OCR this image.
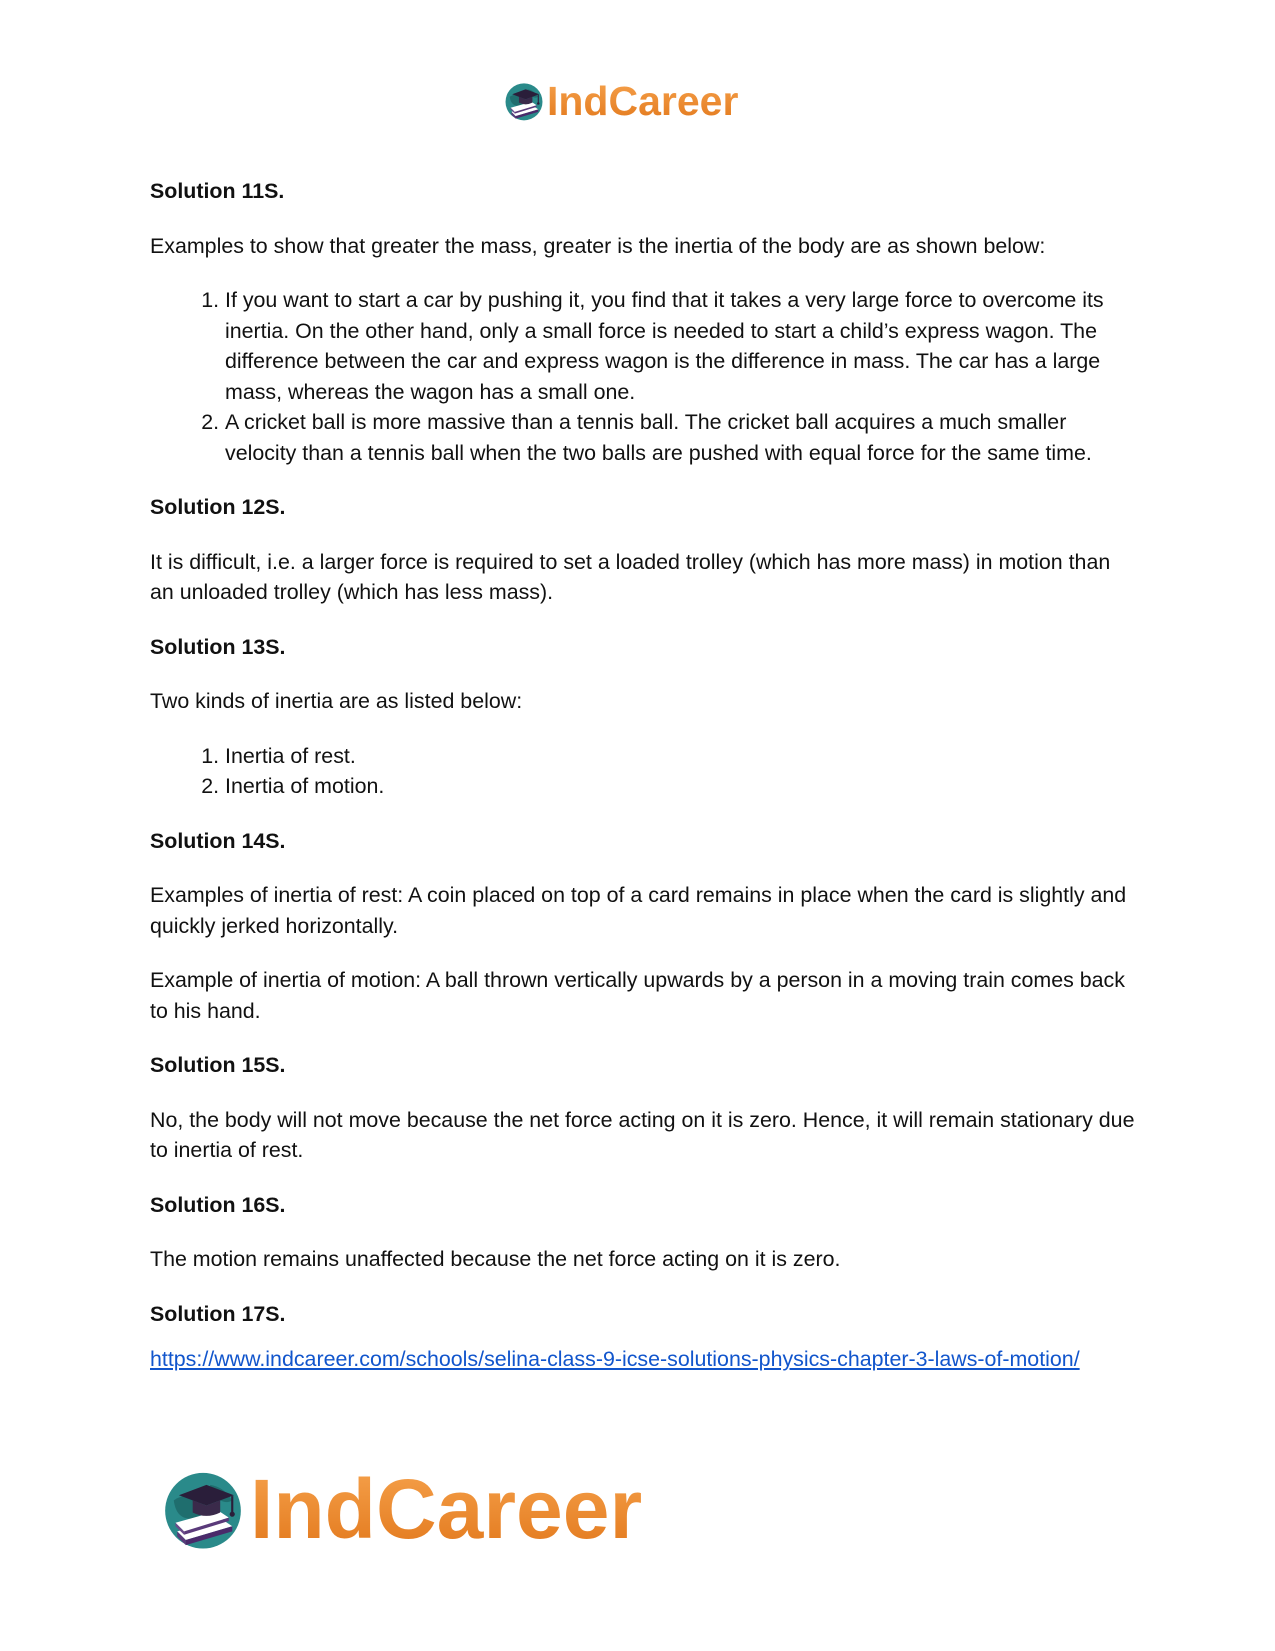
IndCareer
Solution 11S.
Examples to show that greater the mass, greater is the inertia of the body are as shown below:
1. If you want to start a car by pushing it, you find that it takes a very large force to overcome its inertia. On the other hand, only a small force is needed to start a child’s express wagon. The difference between the car and express wagon is the difference in mass. The car has a large mass, whereas the wagon has a small one.
2. A cricket ball is more massive than a tennis ball. The cricket ball acquires a much smaller velocity than a tennis ball when the two balls are pushed with equal force for the same time.
Solution 12S.
It is difficult, i.e. a larger force is required to set a loaded trolley (which has more mass) in motion than an unloaded trolley (which has less mass).
Solution 13S.
Two kinds of inertia are as listed below:
1. Inertia of rest.
2. Inertia of motion.
Solution 14S.
Examples of inertia of rest: A coin placed on top of a card remains in place when the card is slightly and quickly jerked horizontally.
Example of inertia of motion: A ball thrown vertically upwards by a person in a moving train comes back to his hand.
Solution 15S.
No, the body will not move because the net force acting on it is zero. Hence, it will remain stationary due to inertia of rest.
Solution 16S.
The motion remains unaffected because the net force acting on it is zero.
Solution 17S.
https://www.indcareer.com/schools/selina-class-9-icse-solutions-physics-chapter-3-laws-of-motion/
IndCareer
